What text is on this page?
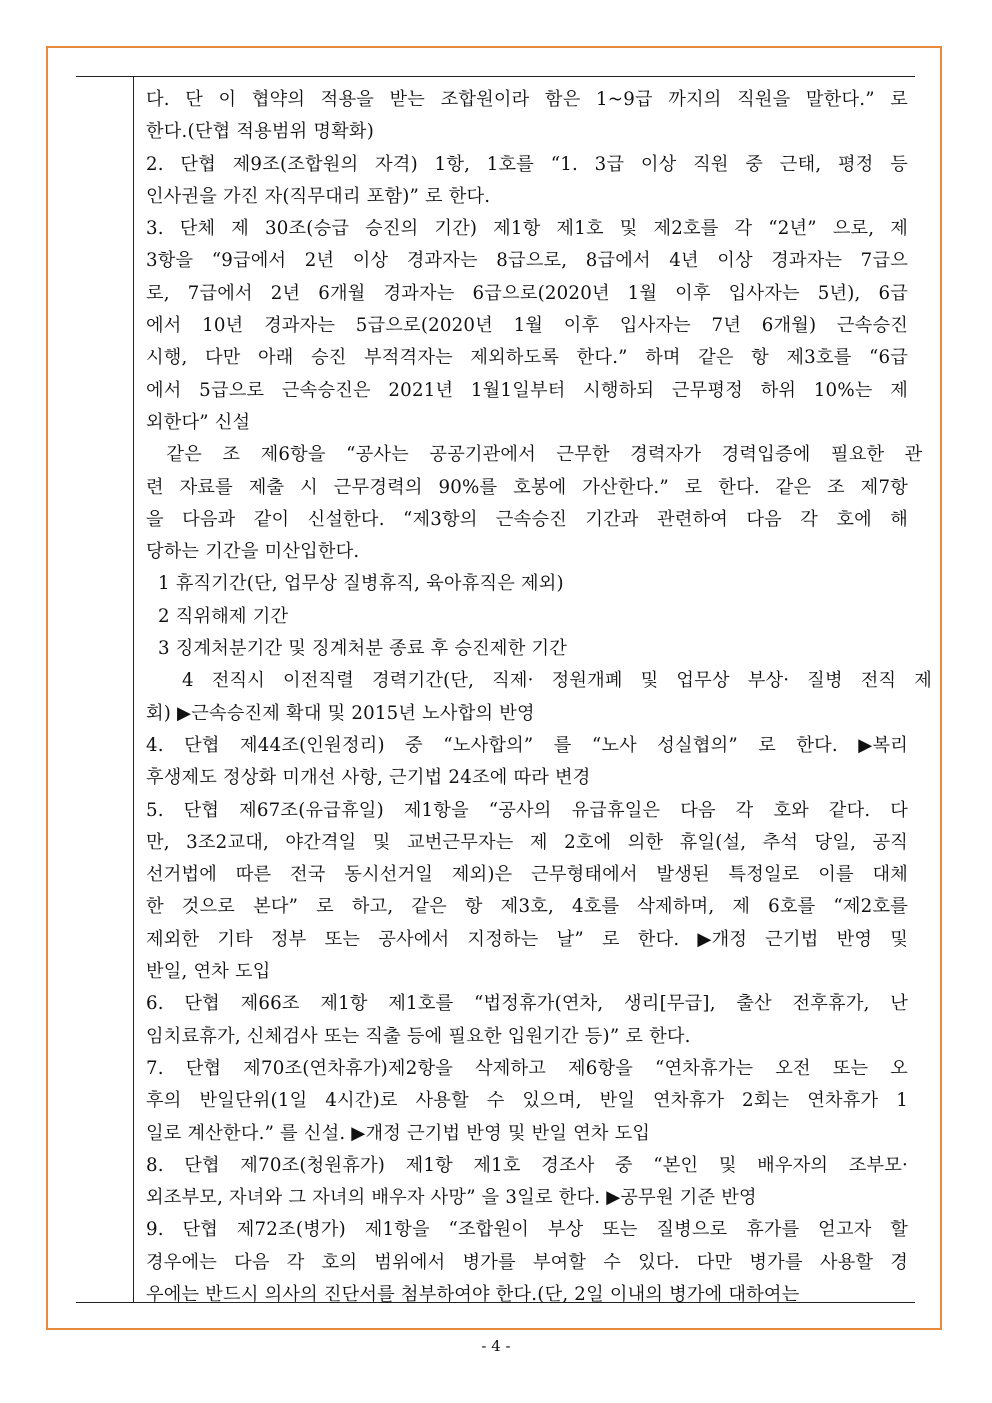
다. 단 이 협약의 적용을 받는 조합원이라 함은 1~9급 까지의 직원을 말한다.” 로
한다.(단협 적용범위 명확화)
2. 단협 제9조(조합원의 자격) 1항, 1호를 “1. 3급 이상 직원 중 근태, 평정 등
인사권을 가진 자(직무대리 포함)” 로 한다.
3. 단체 제 30조(승급 승진의 기간) 제1항 제1호 및 제2호를 각 “2년” 으로, 제
3항을 “9급에서 2년 이상 경과자는 8급으로, 8급에서 4년 이상 경과자는 7급으
로, 7급에서 2년 6개월 경과자는 6급으로(2020년 1월 이후 입사자는 5년), 6급
에서 10년 경과자는 5급으로(2020년 1월 이후 입사자는 7년 6개월) 근속승진
시행, 다만 아래 승진 부적격자는 제외하도록 한다.” 하며 같은 항 제3호를 “6급
에서 5급으로 근속승진은 2021년 1월1일부터 시행하되 근무평정 하위 10%는 제
외한다” 신설
같은 조 제6항을 “공사는 공공기관에서 근무한 경력자가 경력입증에 필요한 관
련 자료를 제출 시 근무경력의 90%를 호봉에 가산한다.” 로 한다. 같은 조 제7항
을 다음과 같이 신설한다. “제3항의 근속승진 기간과 관련하여 다음 각 호에 해
당하는 기간을 미산입한다.
1 휴직기간(단, 업무상 질병휴직, 육아휴직은 제외)
2 직위해제 기간
3 징계처분기간 및 징계처분 종료 후 승진제한 기간
4 전직시 이전직렬 경력기간(단, 직제· 정원개폐 및 업무상 부상· 질병 전직 제
회) ▶근속승진제 확대 및 2015년 노사합의 반영
4. 단협 제44조(인원정리) 중 “노사합의” 를 “노사 성실협의” 로 한다. ▶복리
후생제도 정상화 미개선 사항, 근기법 24조에 따라 변경
5. 단협 제67조(유급휴일) 제1항을 “공사의 유급휴일은 다음 각 호와 같다. 다
만, 3조2교대, 야간격일 및 교번근무자는 제 2호에 의한 휴일(설, 추석 당일, 공직
선거법에 따른 전국 동시선거일 제외)은 근무형태에서 발생된 특정일로 이를 대체
한 것으로 본다” 로 하고, 같은 항 제3호, 4호를 삭제하며, 제 6호를 “제2호를
제외한 기타 정부 또는 공사에서 지정하는 날” 로 한다. ▶개정 근기법 반영 및
반일, 연차 도입
6. 단협 제66조 제1항 제1호를 “법정휴가(연차, 생리[무급], 출산 전후휴가, 난
임치료휴가, 신체검사 또는 직출 등에 필요한 입원기간 등)” 로 한다.
7. 단협 제70조(연차휴가)제2항을 삭제하고 제6항을 “연차휴가는 오전 또는 오
후의 반일단위(1일 4시간)로 사용할 수 있으며, 반일 연차휴가 2회는 연차휴가 1
일로 계산한다.” 를 신설. ▶개정 근기법 반영 및 반일 연차 도입
8. 단협 제70조(청원휴가) 제1항 제1호 경조사 중 “본인 및 배우자의 조부모·
외조부모, 자녀와 그 자녀의 배우자 사망” 을 3일로 한다. ▶공무원 기준 반영
9. 단협 제72조(병가) 제1항을 “조합원이 부상 또는 질병으로 휴가를 얻고자 할
경우에는 다음 각 호의 범위에서 병가를 부여할 수 있다. 다만 병가를 사용할 경
우에는 반드시 의사의 진단서를 첨부하여야 한다.(단, 2일 이내의 병가에 대하여는
- 4 -
